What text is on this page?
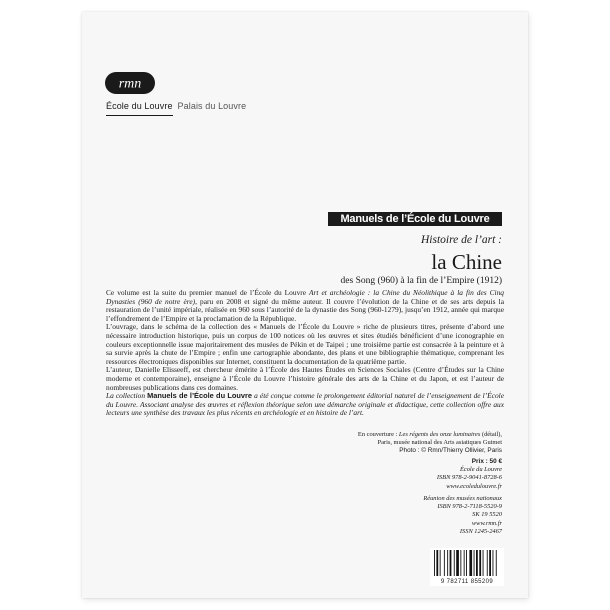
rmn
École du Louvre Palais du Louvre
Manuels de l’École du Louvre
Histoire de l’art :
la Chine
des Song (960) à la fin de l’Empire (1912)

Ce volume est la suite du premier manuel de l’École du Louvre Art et archéologie : la Chine du Néolithique à la fin des Cinq Dynasties (960 de notre ère), paru en 2008 et signé du même auteur. Il couvre l’évolution de la Chine et de ses arts depuis la restauration de l’unité impériale, réalisée en 960 sous l’autorité de la dynastie des Song (960-1279), jusqu’en 1912, année qui marque l’effondrement de l’Empire et la proclamation de la République.

L’ouvrage, dans le schéma de la collection des « Manuels de l’École du Louvre » riche de plusieurs titres, présente d’abord une nécessaire introduction historique, puis un corpus de 100 notices où les œuvres et sites étudiés bénéficient d’une iconographie en couleurs exceptionnelle issue majoritairement des musées de Pékin et de Taipei ; une troisième partie est consacrée à la peinture et à sa survie après la chute de l’Empire ; enfin une cartographie abondante, des plans et une bibliographie thématique, comprenant les ressources électroniques disponibles sur Internet, constituent la documentation de la quatrième partie.

L’auteur, Danielle Elisseeff, est chercheur émérite à l’École des Hautes Études en Sciences Sociales (Centre d’Études sur la Chine moderne et contemporaine), enseigne à l’École du Louvre l’histoire générale des arts de la Chine et du Japon, et est l’auteur de nombreuses publications dans ces domaines.

La collection Manuels de l’École du Louvre a été conçue comme le prolongement éditorial naturel de l’enseignement de l’École du Louvre. Associant analyse des œuvres et réflexion théorique selon une démarche originale et didactique, cette collection offre aux lecteurs une synthèse des travaux les plus récents en archéologie et en histoire de l’art.

En couverture : Les régents des onze luminaires (détail),
Paris, musée national des Arts asiatiques Guimet
Photo : © Rmn/Thierry Ollivier, Paris
Prix : 50 €
École du Louvre
ISBN 978-2-9041-8728-6
www.ecoledulouvre.fr
Réunion des musées nationaux
ISBN 978-2-7118-5520-9
SK 19 5520
www.rmn.fr
ISSN 1245-2467
9 782711 855209
